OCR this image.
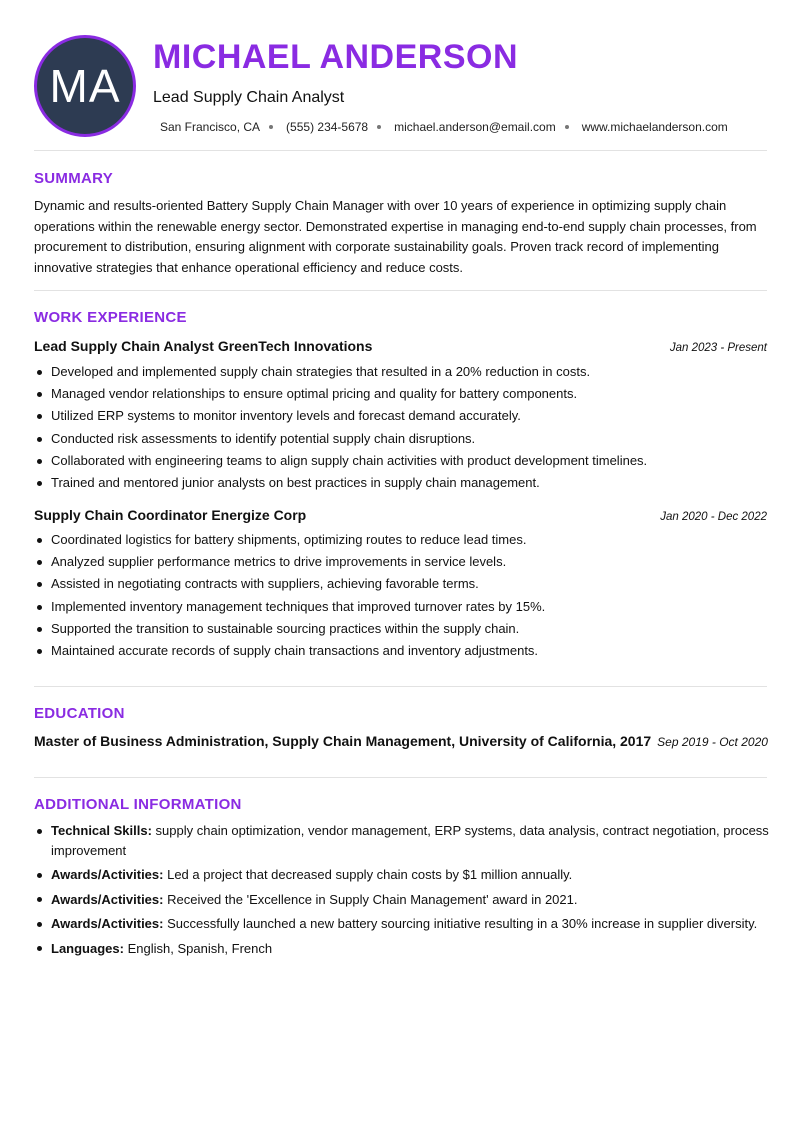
MA
MICHAEL ANDERSON
Lead Supply Chain Analyst
San Francisco, CA (555) 234-5678 michael.anderson@email.com www.michaelanderson.com
SUMMARY
Dynamic and results-oriented Battery Supply Chain Manager with over 10 years of experience in optimizing supply chain operations within the renewable energy sector. Demonstrated expertise in managing end-to-end supply chain processes, from procurement to distribution, ensuring alignment with corporate sustainability goals. Proven track record of implementing innovative strategies that enhance operational efficiency and reduce costs.
WORK EXPERIENCE
Lead Supply Chain Analyst GreenTech Innovations	Jan 2023 - Present
Developed and implemented supply chain strategies that resulted in a 20% reduction in costs.
Managed vendor relationships to ensure optimal pricing and quality for battery components.
Utilized ERP systems to monitor inventory levels and forecast demand accurately.
Conducted risk assessments to identify potential supply chain disruptions.
Collaborated with engineering teams to align supply chain activities with product development timelines.
Trained and mentored junior analysts on best practices in supply chain management.
Supply Chain Coordinator Energize Corp	Jan 2020 - Dec 2022
Coordinated logistics for battery shipments, optimizing routes to reduce lead times.
Analyzed supplier performance metrics to drive improvements in service levels.
Assisted in negotiating contracts with suppliers, achieving favorable terms.
Implemented inventory management techniques that improved turnover rates by 15%.
Supported the transition to sustainable sourcing practices within the supply chain.
Maintained accurate records of supply chain transactions and inventory adjustments.
EDUCATION
Master of Business Administration, Supply Chain Management, University of California, 2017 Sep 2019 - Oct 2020
ADDITIONAL INFORMATION
Technical Skills: supply chain optimization, vendor management, ERP systems, data analysis, contract negotiation, process improvement
Awards/Activities: Led a project that decreased supply chain costs by $1 million annually.
Awards/Activities: Received the 'Excellence in Supply Chain Management' award in 2021.
Awards/Activities: Successfully launched a new battery sourcing initiative resulting in a 30% increase in supplier diversity.
Languages: English, Spanish, French
